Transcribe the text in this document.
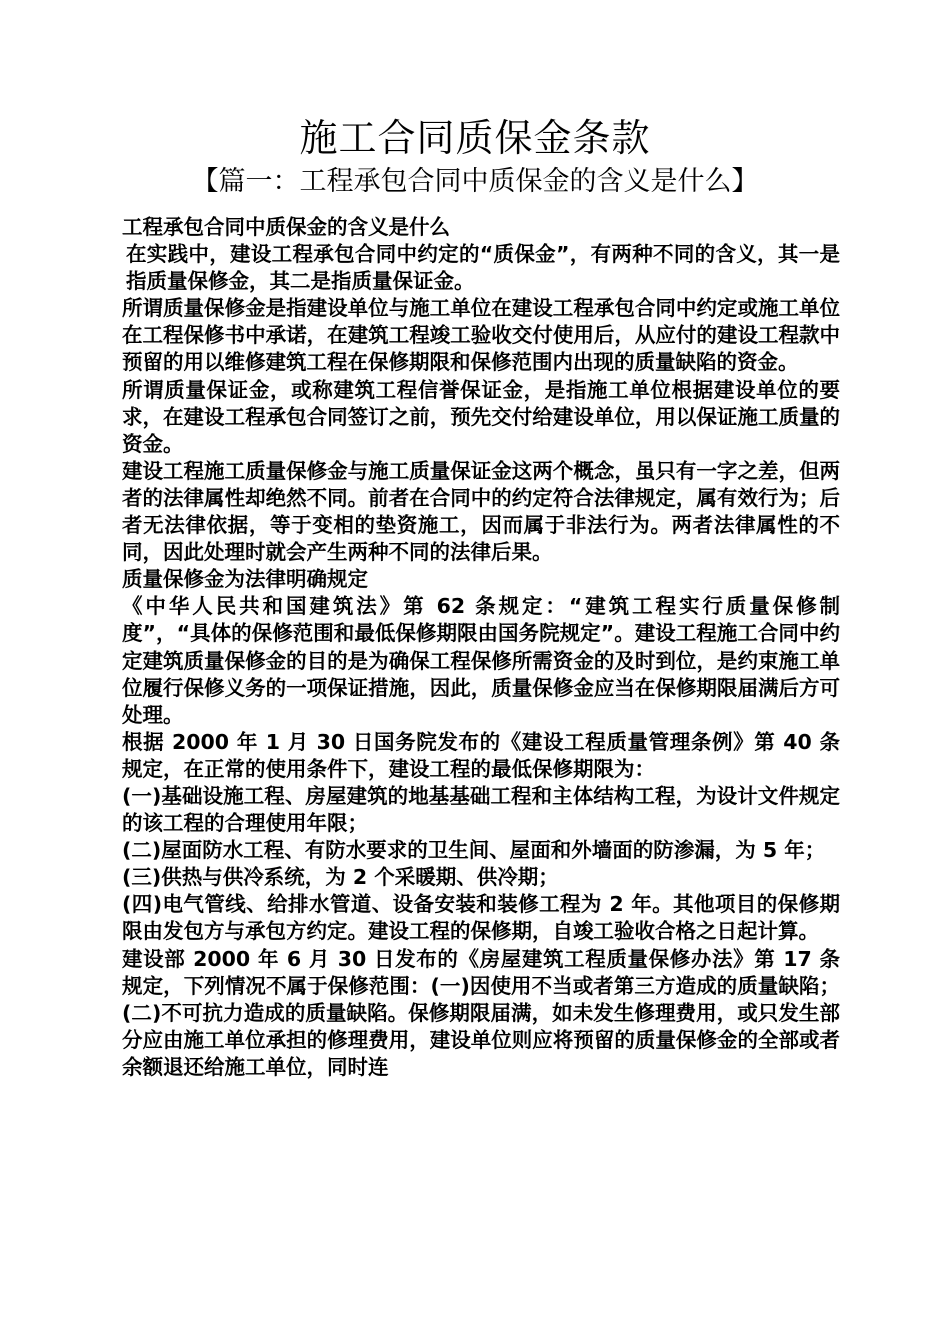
施工合同质保金条款
【篇一：工程承包合同中质保金的含义是什么】

工程承包合同中质保金的含义是什么

在实践中，建设工程承包合同中约定的“质保金”，有两种不同的含义，其一是指质量保修金，其二是指质量保证金。

所谓质量保修金是指建设单位与施工单位在建设工程承包合同中约定或施工单位在工程保修书中承诺，在建筑工程竣工验收交付使用后，从应付的建设工程款中预留的用以维修建筑工程在保修期限和保修范围内出现的质量缺陷的资金。

所谓质量保证金，或称建筑工程信誉保证金，是指施工单位根据建设单位的要求，在建设工程承包合同签订之前，预先交付给建设单位，用以保证施工质量的资金。

建设工程施工质量保修金与施工质量保证金这两个概念，虽只有一字之差，但两者的法律属性却绝然不同。前者在合同中的约定符合法律规定，属有效行为；后者无法律依据，等于变相的垫资施工，因而属于非法行为。两者法律属性的不同，因此处理时就会产生两种不同的法律后果。

质量保修金为法律明确规定

《中华人民共和国建筑法》第 62 条规定：“建筑工程实行质量保修制度”，“具体的保修范围和最低保修期限由国务院规定”。建设工程施工合同中约定建筑质量保修金的目的是为确保工程保修所需资金的及时到位，是约束施工单位履行保修义务的一项保证措施，因此，质量保修金应当在保修期限届满后方可处理。

根据 2000 年 1 月 30 日国务院发布的《建设工程质量管理条例》第 40 条规定，在正常的使用条件下，建设工程的最低保修期限为：

(一)基础设施工程、房屋建筑的地基基础工程和主体结构工程，为设计文件规定的该工程的合理使用年限；

(二)屋面防水工程、有防水要求的卫生间、屋面和外墙面的防渗漏，为 5 年；

(三)供热与供冷系统，为 2 个采暖期、供冷期；

(四)电气管线、给排水管道、设备安装和装修工程为 2 年。其他项目的保修期限由发包方与承包方约定。建设工程的保修期，自竣工验收合格之日起计算。

建设部 2000 年 6 月 30 日发布的《房屋建筑工程质量保修办法》第 17 条规定，下列情况不属于保修范围：(一)因使用不当或者第三方造成的质量缺陷；(二)不可抗力造成的质量缺陷。保修期限届满，如未发生修理费用，或只发生部分应由施工单位承担的修理费用，建设单位则应将预留的质量保修金的全部或者余额退还给施工单位，同时连
